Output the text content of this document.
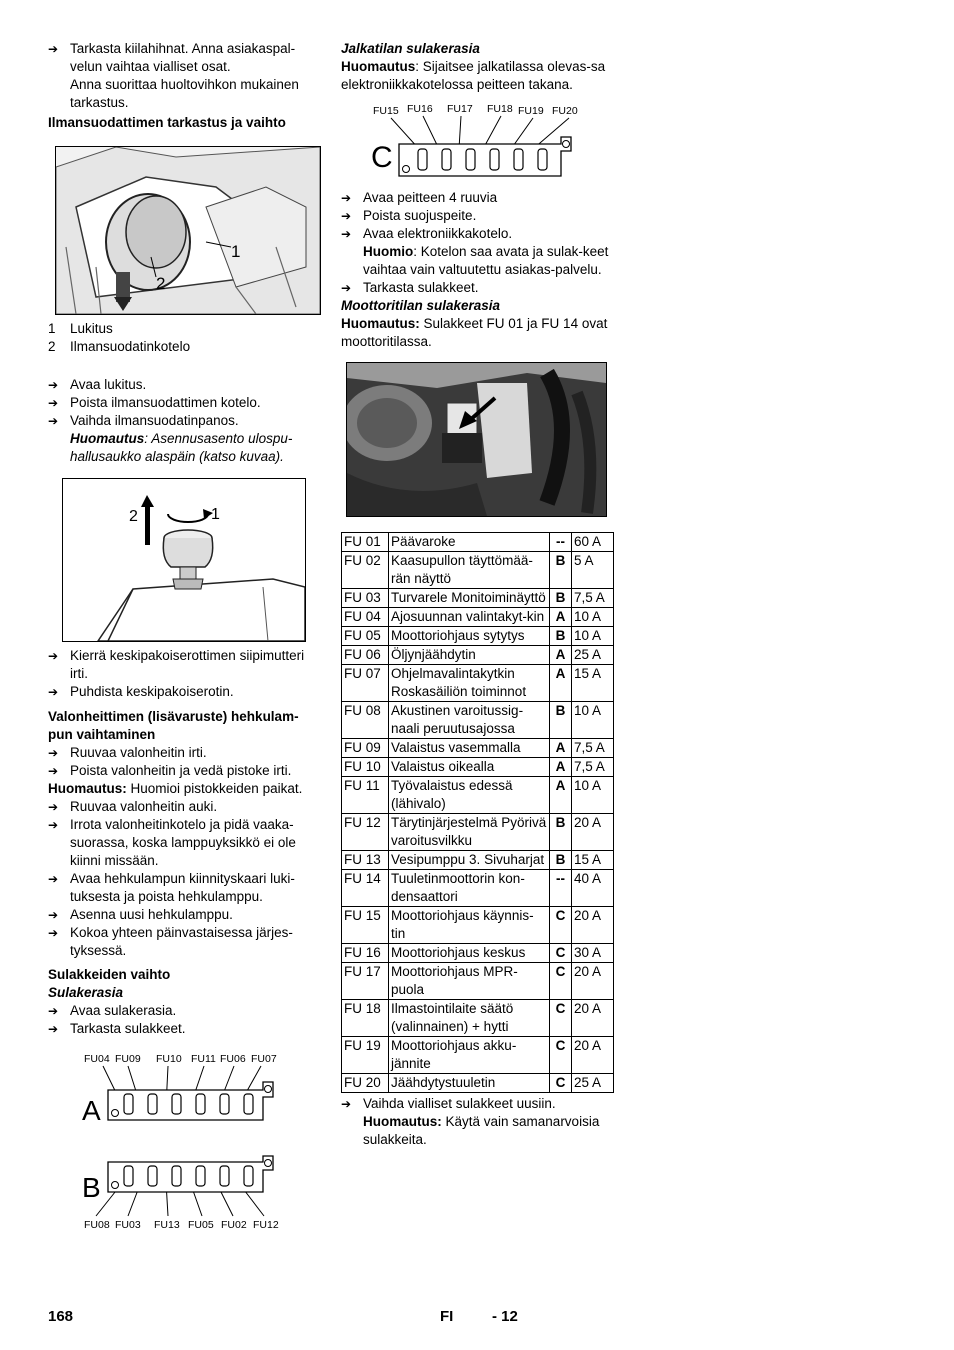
➔ Tarkasta kiilahihnat. Anna asiakaspal-velun vaihtaa vialliset osat.

Anna suorittaa huoltovihkon mukainen tarkastus.

Ilmansuodattimen tarkastus ja vaihto

1
2

1	Lukitus

2	Ilmansuodatinkotelo

➔ Avaa lukitus.

➔ Poista ilmansuodattimen kotelo.

➔ Vaihda ilmansuodatinpanos.

Huomautus: Asennusasento ulospu-hallusaukko alaspäin (katso kuvaa).

2	1

➔ Kierrä keskipakoiserottimen siipimutteri irti.

➔ Puhdista keskipakoiserotin.

Valonheittimen (lisävaruste) hehkulam-pun vaihtaminen

➔ Ruuvaa valonheitin irti.

➔ Poista valonheitin ja vedä pistoke irti.

Huomautus: Huomioi pistokkeiden paikat.

➔ Ruuvaa valonheitin auki.

➔ Irrota valonheitinkotelo ja pidä vaaka-suorassa, koska lamppuyksikkö ei ole kiinni missään.

➔ Avaa hehkulampun kiinnityskaari luki-tuksesta ja poista hehkulamppu.

➔ Asenna uusi hehkulamppu.

➔ Kokoa yhteen päinvastaisessa järjes-tyksessä.

Sulakkeiden vaihto

Sulakerasia

➔ Avaa sulakerasia.

➔ Tarkasta sulakkeet.

FU04 FU09 FU10 FU11 FU06 FU07
FU08 FU03 FU13 FU05 FU02 FU12
A
B

Jalkatilan sulakerasia

Huomautus: Sijaitsee jalkatilassa olevas-sa elektroniikkakotelossa peitteen takana.

FU15 FU16 FU17 FU18 FU19 FU20
C

➔ Avaa peitteen 4 ruuvia

➔ Poista suojuspeite.

➔ Avaa elektroniikkakotelo.

Huomio: Kotelon saa avata ja sulak-keet vaihtaa vain valtuutettu asiakas-palvelu.

➔ Tarkasta sulakkeet.

Moottoritilan sulakerasia

Huomautus: Sulakkeet FU 01 ja FU 14 ovat moottoritilassa.

FU 01	Päävaroke	--	60 A
FU 02	Kaasupullon täyttömää-rän näyttö	B	5 A
FU 03	Turvarele Monitoiminäyttö	B	7,5 A
FU 04	Ajosuunnan valintakyt-kin	A	10 A
FU 05	Moottoriohjaus sytytys	B	10 A
FU 06	Öljynjäähdytin	A	25 A
FU 07	Ohjelmavalintakytkin Roskasäiliön toiminnot	A	15 A
FU 08	Akustinen varoitussig-naali peruutusajossa	B	10 A
FU 09	Valaistus vasemmalla	A	7,5 A
FU 10	Valaistus oikealla	A	7,5 A
FU 11	Työvalaistus edessä (lähivalo)	A	10 A
FU 12	Tärytinjärjestelmä Pyörivä varoitusvilkku	B	20 A
FU 13	Vesipumppu 3. Sivuharjat	B	15 A
FU 14	Tuuletinmoottorin kon-densaattori	--	40 A
FU 15	Moottoriohjaus käynnis-tin	C	20 A
FU 16	Moottoriohjaus keskus	C	30 A
FU 17	Moottoriohjaus MPR-puola	C	20 A
FU 18	Ilmastointilaite säätö (valinnainen) + hytti	C	20 A
FU 19	Moottoriohjaus akku-jännite	C	20 A
FU 20	Jäähdytystuuletin	C	25 A

➔ Vaihda vialliset sulakkeet uusiin.

Huomautus: Käytä vain samanarvoisia sulakkeita.

168	FI	- 12
